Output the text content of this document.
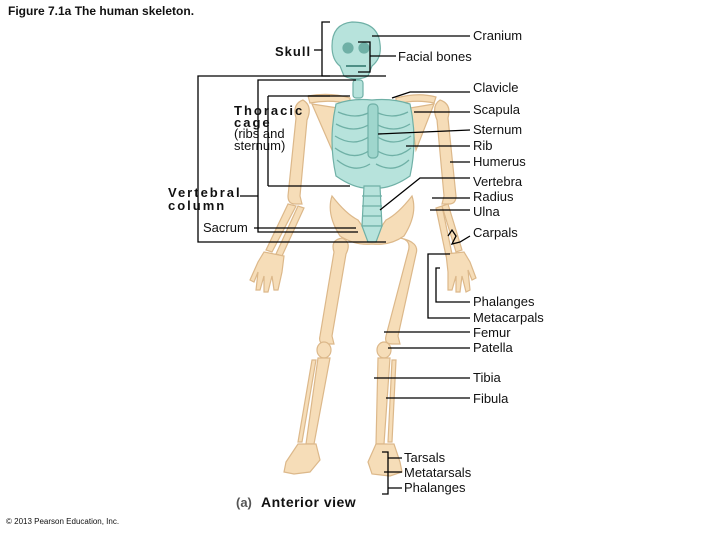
Figure 7.1a The human skeleton.
Skull
Thoracic
cage
(ribs and
sternum)
Vertebral
column
Sacrum
Cranium
Facial bones
Clavicle
Scapula
Sternum
Rib
Humerus
Vertebra
Radius
Ulna
Carpals
Phalanges
Metacarpals
Femur
Patella
Tibia
Fibula
Tarsals
Metatarsals
Phalanges
(a) Anterior view
© 2013 Pearson Education, Inc.
